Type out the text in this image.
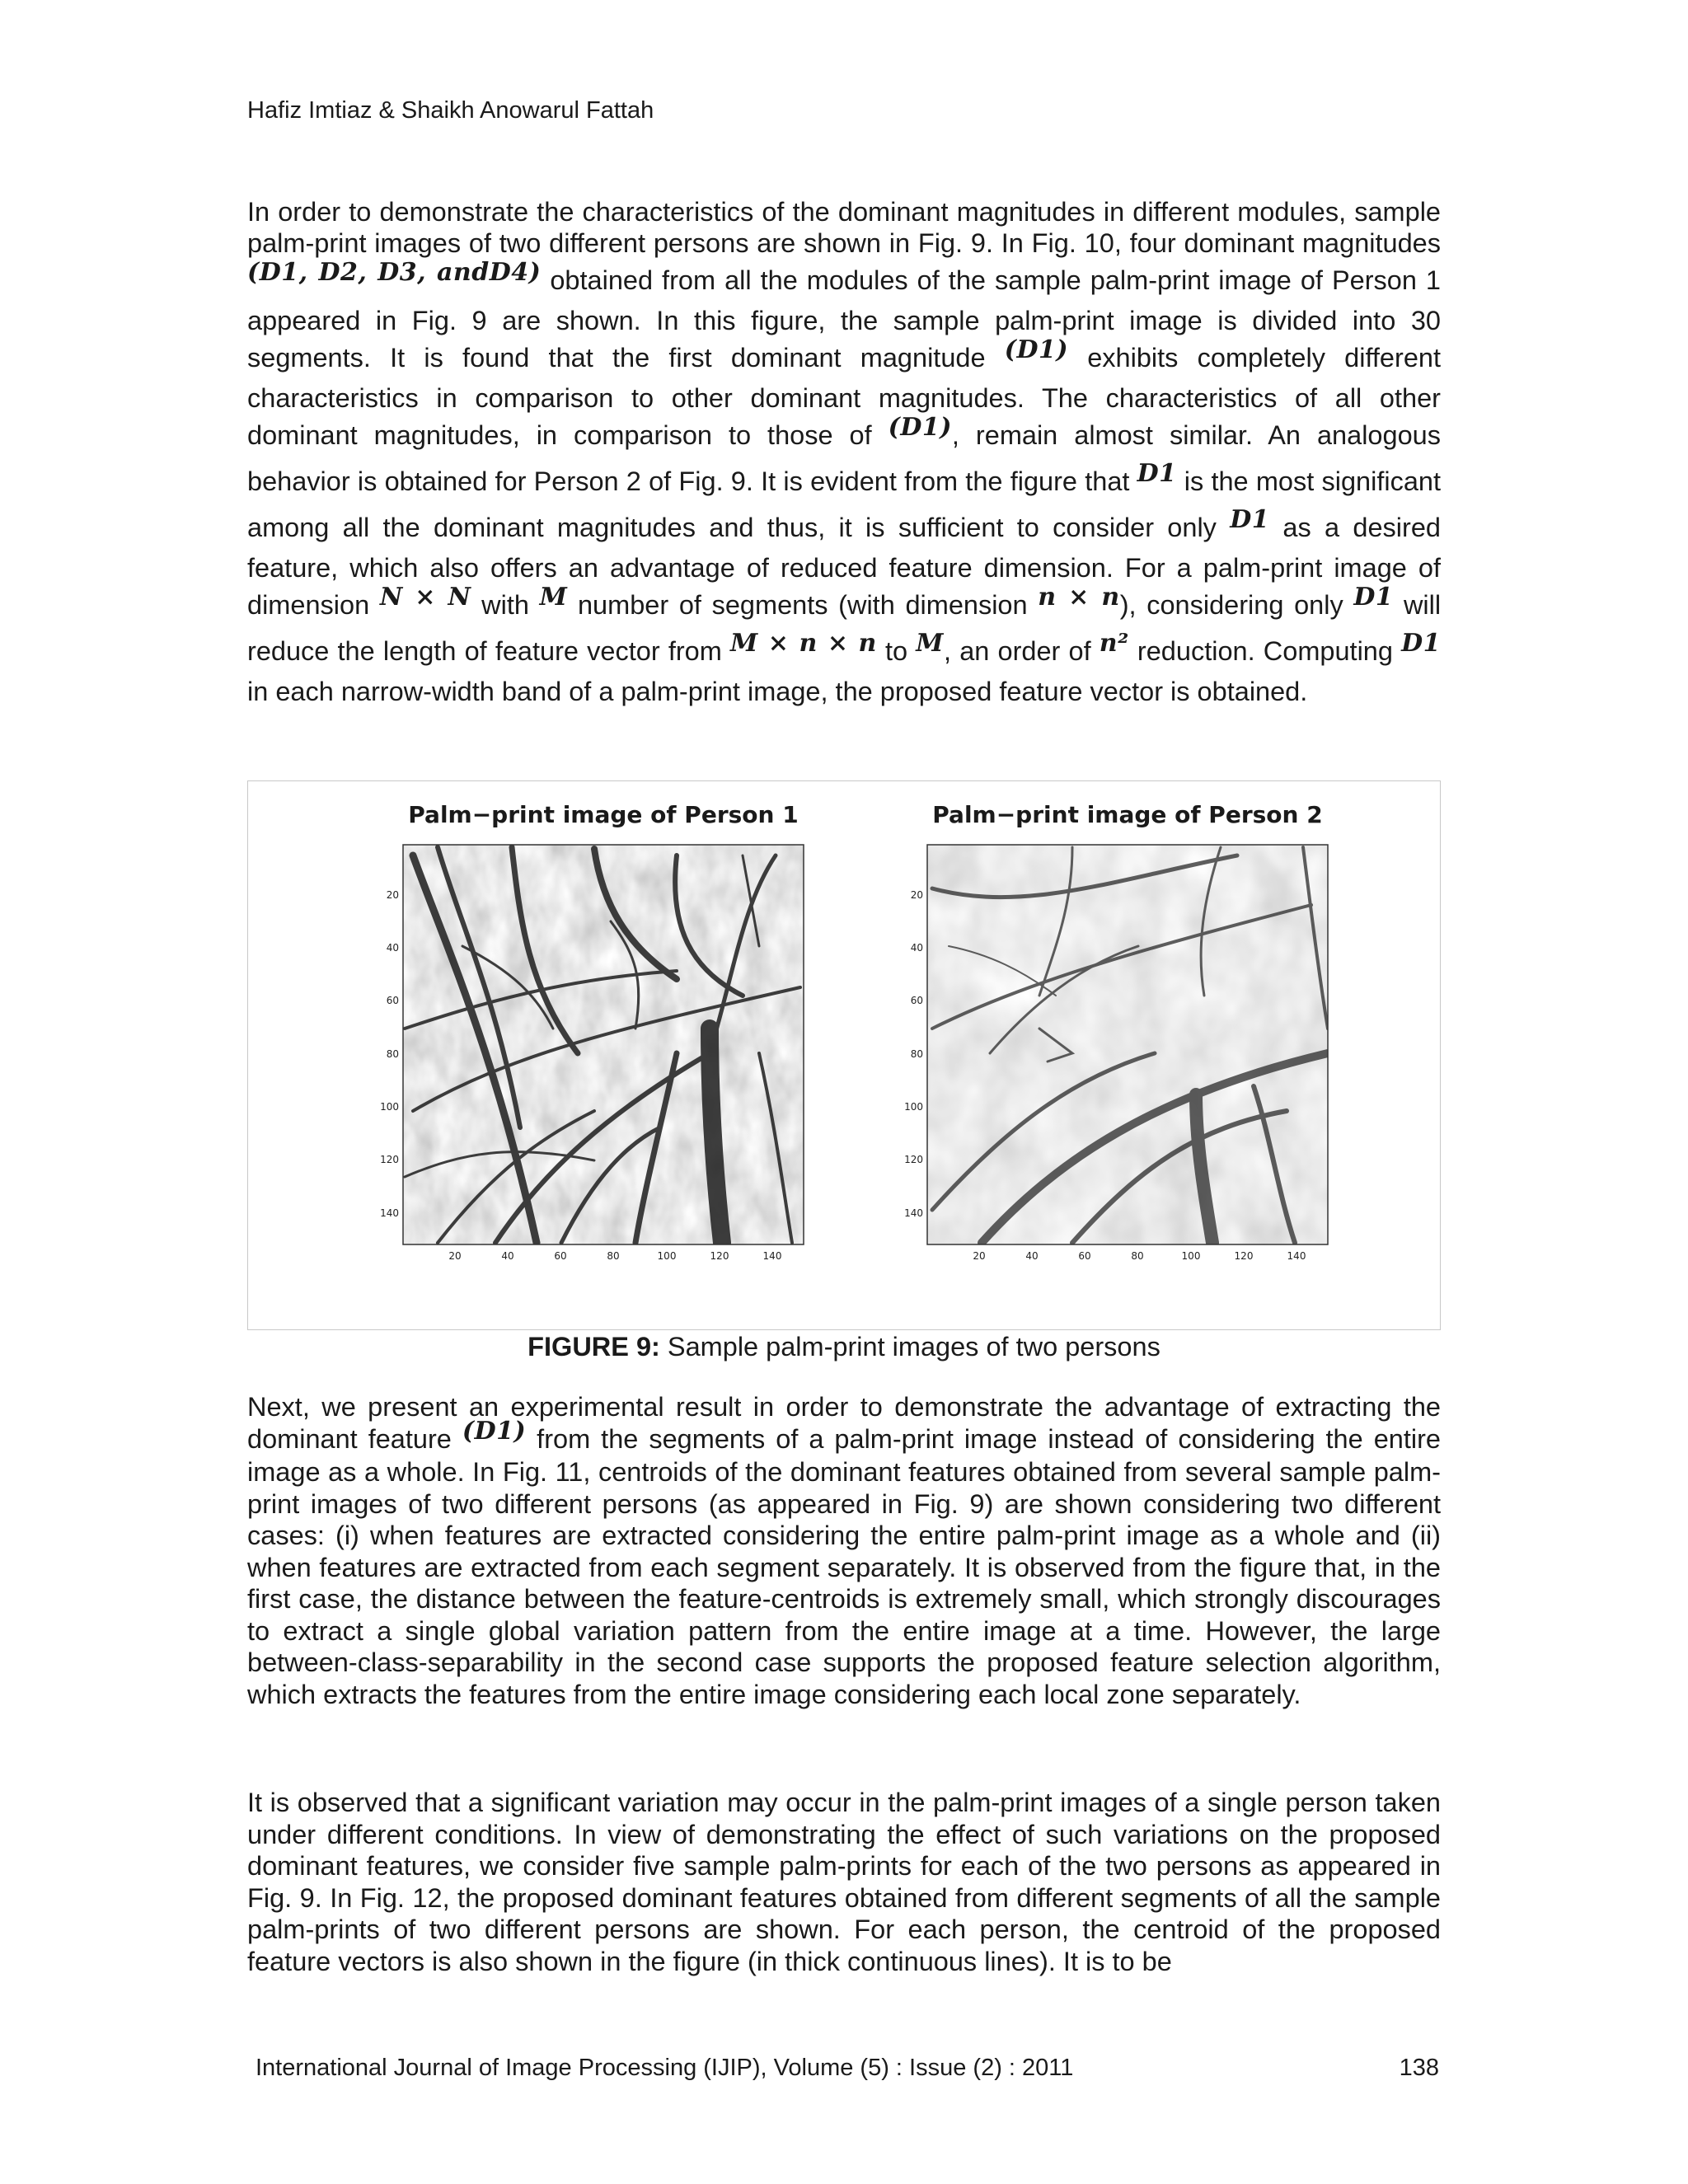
Hafiz Imtiaz & Shaikh Anowarul Fattah
In order to demonstrate the characteristics of the dominant magnitudes in different modules, sample palm-print images of two different persons are shown in Fig. 9. In Fig. 10, four dominant magnitudes (D1, D2, D3, andD4) obtained from all the modules of the sample palm-print image of Person 1 appeared in Fig. 9 are shown. In this figure, the sample palm-print image is divided into 30 segments. It is found that the first dominant magnitude (D1) exhibits completely different characteristics in comparison to other dominant magnitudes. The characteristics of all other dominant magnitudes, in comparison to those of (D1), remain almost similar. An analogous behavior is obtained for Person 2 of Fig. 9. It is evident from the figure that D1 is the most significant among all the dominant magnitudes and thus, it is sufficient to consider only D1 as a desired feature, which also offers an advantage of reduced feature dimension. For a palm-print image of dimension N × N with M number of segments (with dimension n × n), considering only D1 will reduce the length of feature vector from M × n × n to M, an order of n² reduction. Computing D1 in each narrow-width band of a palm-print image, the proposed feature vector is obtained.
Palm−print image of Person 1
20
40
60
80
100
120
140
20	40	60	80	100	120	140
Palm−print image of Person 2
20
40
60
80
100
120
140
20	40	60	80	100	120	140
FIGURE 9: Sample palm-print images of two persons
Next, we present an experimental result in order to demonstrate the advantage of extracting the dominant feature (D1) from the segments of a palm-print image instead of considering the entire image as a whole. In Fig. 11, centroids of the dominant features obtained from several sample palm-print images of two different persons (as appeared in Fig. 9) are shown considering two different cases: (i) when features are extracted considering the entire palm-print image as a whole and (ii) when features are extracted from each segment separately. It is observed from the figure that, in the first case, the distance between the feature-centroids is extremely small, which strongly discourages to extract a single global variation pattern from the entire image at a time. However, the large between-class-separability in the second case supports the proposed feature selection algorithm, which extracts the features from the entire image considering each local zone separately.
It is observed that a significant variation may occur in the palm-print images of a single person taken under different conditions. In view of demonstrating the effect of such variations on the proposed dominant features, we consider five sample palm-prints for each of the two persons as appeared in Fig. 9. In Fig. 12, the proposed dominant features obtained from different segments of all the sample palm-prints of two different persons are shown. For each person, the centroid of the proposed feature vectors is also shown in the figure (in thick continuous lines). It is to be
International Journal of Image Processing (IJIP), Volume (5) : Issue (2) : 2011	138
